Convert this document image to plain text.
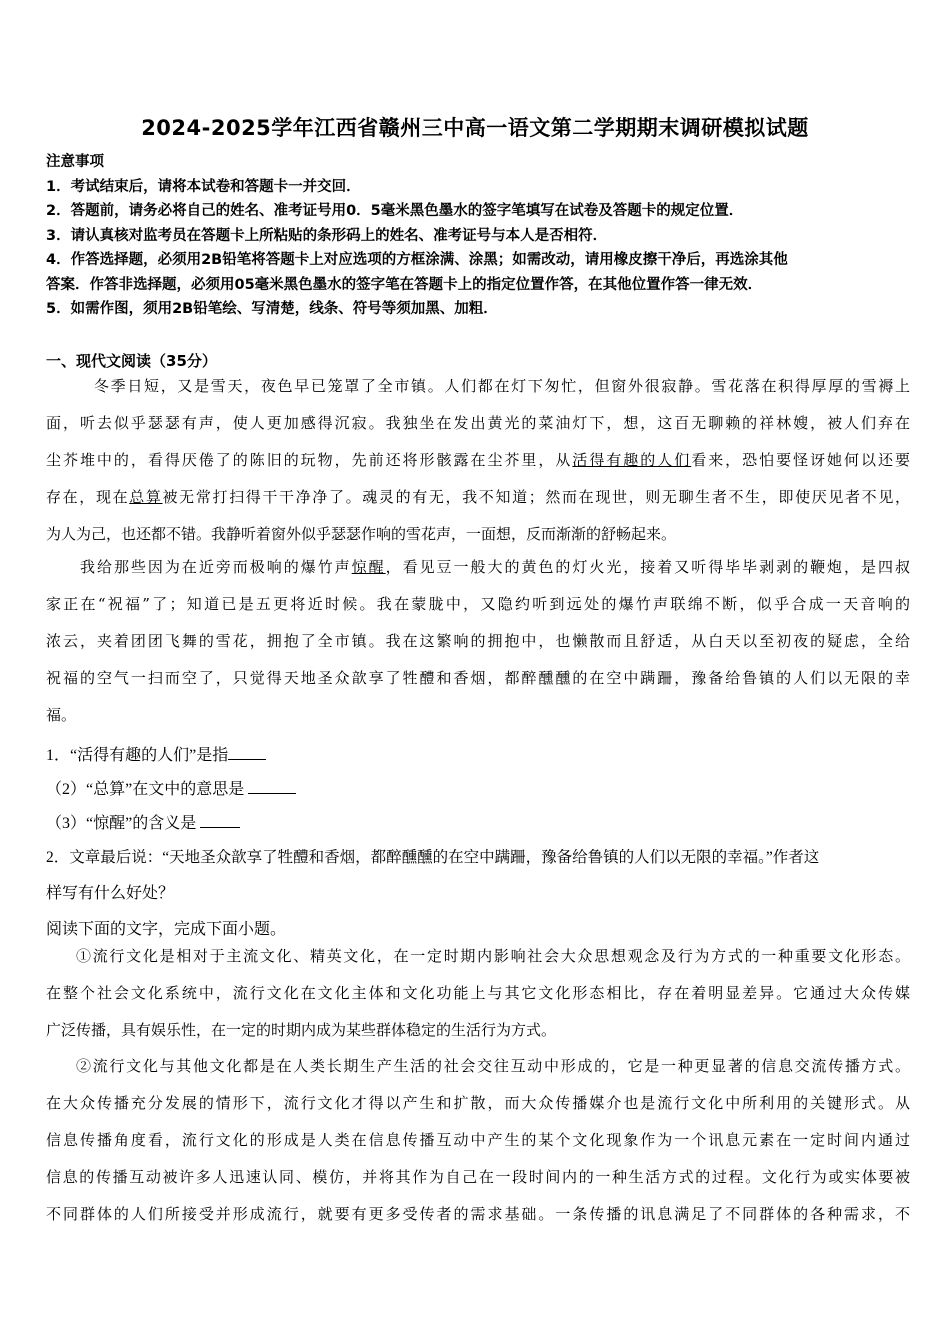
2024-2025学年江西省赣州三中高一语文第二学期期末调研模拟试题
注意事项
1．考试结束后，请将本试卷和答题卡一并交回．
2．答题前，请务必将自己的姓名、准考证号用0．5毫米黑色墨水的签字笔填写在试卷及答题卡的规定位置．
3．请认真核对监考员在答题卡上所粘贴的条形码上的姓名、准考证号与本人是否相符．
4．作答选择题，必须用2B铅笔将答题卡上对应选项的方框涂满、涂黑；如需改动，请用橡皮擦干净后，再选涂其他
答案．作答非选择题，必须用05毫米黑色墨水的签字笔在答题卡上的指定位置作答，在其他位置作答一律无效．
5．如需作图，须用2B铅笔绘、写清楚，线条、符号等须加黑、加粗．
一、现代文阅读（35分）
冬季日短，又是雪天，夜色早已笼罩了全市镇。人们都在灯下匆忙，但窗外很寂静。雪花落在积得厚厚的雪褥上
面，听去似乎瑟瑟有声，使人更加感得沉寂。我独坐在发出黄光的菜油灯下，想，这百无聊赖的祥林嫂，被人们弃在
尘芥堆中的，看得厌倦了的陈旧的玩物，先前还将形骸露在尘芥里，从活得有趣的人们看来，恐怕要怪讶她何以还要
存在，现在总算被无常打扫得干干净净了。魂灵的有无，我不知道；然而在现世，则无聊生者不生，即使厌见者不见，
为人为己，也还都不错。我静听着窗外似乎瑟瑟作响的雪花声，一面想，反而渐渐的舒畅起来。
我给那些因为在近旁而极响的爆竹声惊醒，看见豆一般大的黄色的灯火光，接着又听得毕毕剥剥的鞭炮，是四叔
家正在“祝福”了；知道已是五更将近时候。我在蒙胧中，又隐约听到远处的爆竹声联绵不断，似乎合成一天音响的
浓云，夹着团团飞舞的雪花，拥抱了全市镇。我在这繁响的拥抱中，也懒散而且舒适，从白天以至初夜的疑虑，全给
祝福的空气一扫而空了，只觉得天地圣众歆享了牲醴和香烟，都醉醺醺的在空中蹒跚，豫备给鲁镇的人们以无限的幸
福。
1．“活得有趣的人们”是指
（2）“总算”在文中的意思是
（3）“惊醒”的含义是
2．文章最后说：“天地圣众歆享了牲醴和香烟，都醉醺醺的在空中蹒跚，豫备给鲁镇的人们以无限的幸福。”作者这
样写有什么好处？
阅读下面的文字，完成下面小题。
①流行文化是相对于主流文化、精英文化，在一定时期内影响社会大众思想观念及行为方式的一种重要文化形态。
在整个社会文化系统中，流行文化在文化主体和文化功能上与其它文化形态相比，存在着明显差异。它通过大众传媒
广泛传播，具有娱乐性，在一定的时期内成为某些群体稳定的生活行为方式。
②流行文化与其他文化都是在人类长期生产生活的社会交往互动中形成的，它是一种更显著的信息交流传播方式。
在大众传播充分发展的情形下，流行文化才得以产生和扩散，而大众传播媒介也是流行文化中所利用的关键形式。从
信息传播角度看，流行文化的形成是人类在信息传播互动中产生的某个文化现象作为一个讯息元素在一定时间内通过
信息的传播互动被许多人迅速认同、模仿，并将其作为自己在一段时间内的一种生活方式的过程。文化行为或实体要被
不同群体的人们所接受并形成流行，就要有更多受传者的需求基础。一条传播的讯息满足了不同群体的各种需求，不
